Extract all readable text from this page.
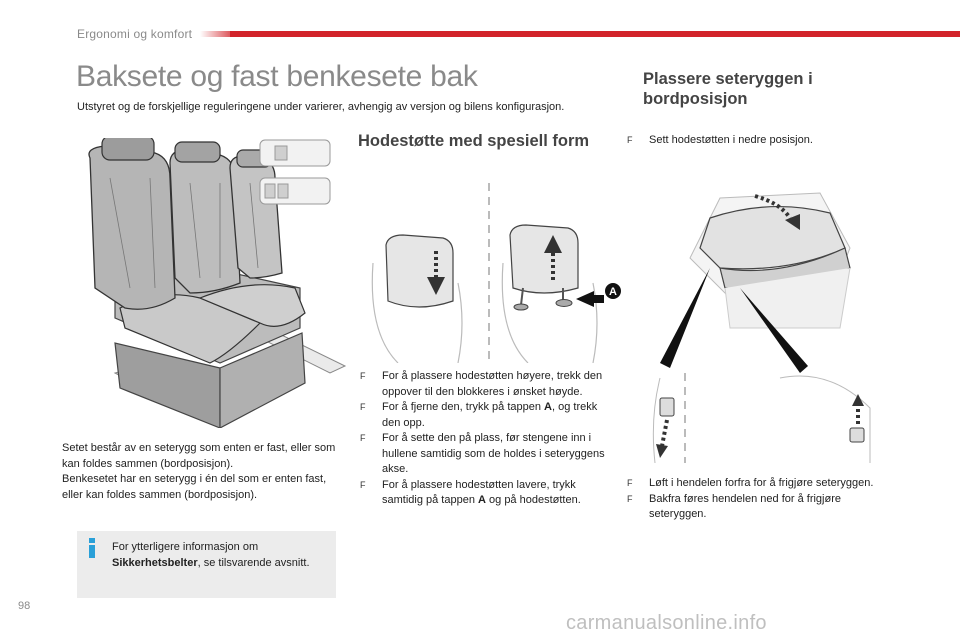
Ergonomi og komfort
Baksete og fast benkesete bak
Utstyret og de forskjellige reguleringene under varierer, avhengig av versjon og bilens konfigurasjon.
Setet består av en seterygg som enten er fast, eller som kan foldes sammen (bordposisjon).
Benkesetet har en seterygg i én del som er enten fast, eller kan foldes sammen (bordposisjon).
For ytterligere informasjon om Sikkerhetsbelter, se tilsvarende avsnitt.
Hodestøtte med spesiell form
A
F For å plassere hodestøtten høyere, trekk den oppover til den blokkeres i ønsket høyde.
F For å fjerne den, trykk på tappen A, og trekk den opp.
F For å sette den på plass, før stengene inn i hullene samtidig som de holdes i seteryggens akse.
F For å plassere hodestøtten lavere, trykk samtidig på tappen A og på hodestøtten.
Plassere seteryggen i bordposisjon
F Sett hodestøtten i nedre posisjon.
F Løft i hendelen forfra for å frigjøre seteryggen.
F Bakfra føres hendelen ned for å frigjøre seteryggen.
98
carmanualsonline.info
